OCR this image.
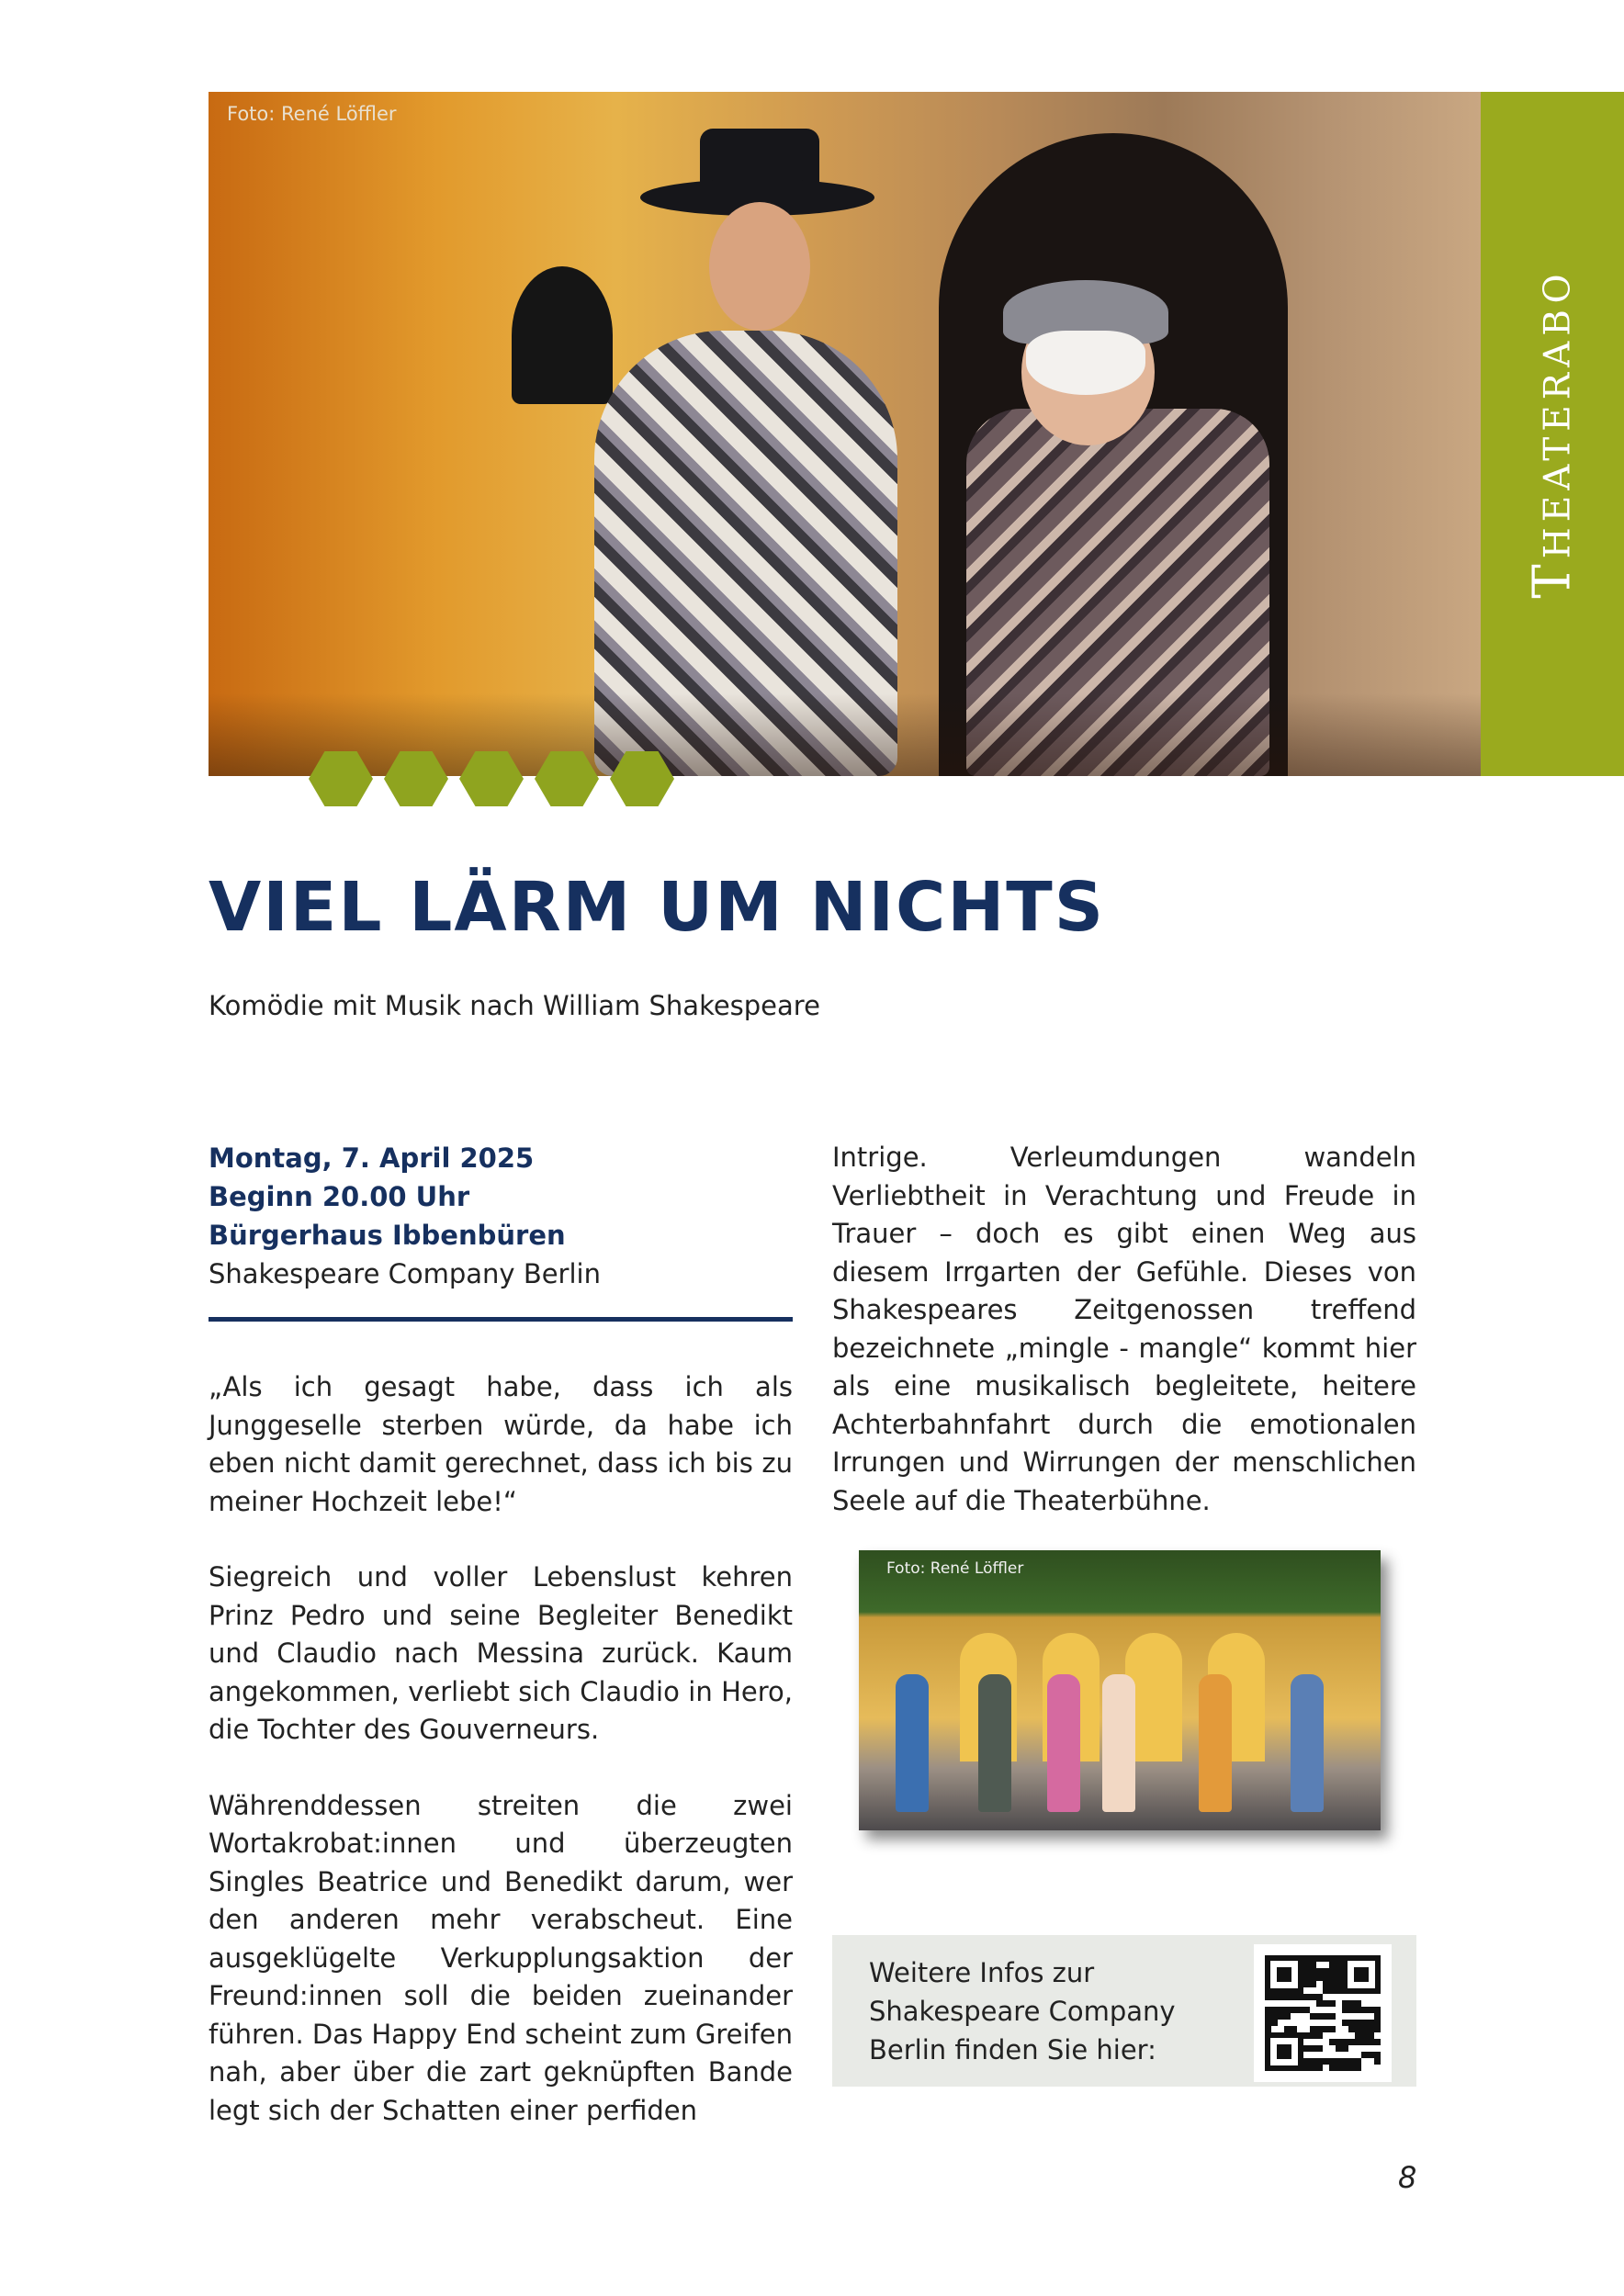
Foto: René Löffler
Theaterabo
VIEL LÄRM UM NICHTS
Komödie mit Musik nach William Shakespeare
Montag, 7. April 2025
Beginn 20.00 Uhr
Bürgerhaus Ibbenbüren
Shakespeare Company Berlin

„Als ich gesagt habe, dass ich als Junggeselle sterben würde, da habe ich eben nicht damit gerechnet, dass ich bis zu meiner Hochzeit lebe!“

Siegreich und voller Lebenslust kehren Prinz Pedro und seine Begleiter Benedikt und Claudio nach Messina zurück. Kaum angekommen, verliebt sich Claudio in Hero, die Tochter des Gouverneurs.

Währenddessen streiten die zwei Wortakrobat:innen und überzeugten Singles Beatrice und Benedikt darum, wer den anderen mehr verabscheut. Eine ausgeklügelte Verkupplungsaktion der Freund:innen soll die beiden zueinander führen. Das Happy End scheint zum Greifen nah, aber über die zart geknüpften Bande legt sich der Schatten einer perfiden

Intrige. Verleumdungen wandeln Verliebtheit in Verachtung und Freude in Trauer – doch es gibt einen Weg aus diesem Irrgarten der Gefühle. Dieses von Shakespeares Zeitgenossen treffend bezeichnete „mingle - mangle“ kommt hier als eine musikalisch begleitete, heitere Achterbahnfahrt durch die emotionalen Irrungen und Wirrungen der menschlichen Seele auf die Theaterbühne.

Foto: René Löffler
Weitere Infos zur Shakespeare Company Berlin finden Sie hier:
8
